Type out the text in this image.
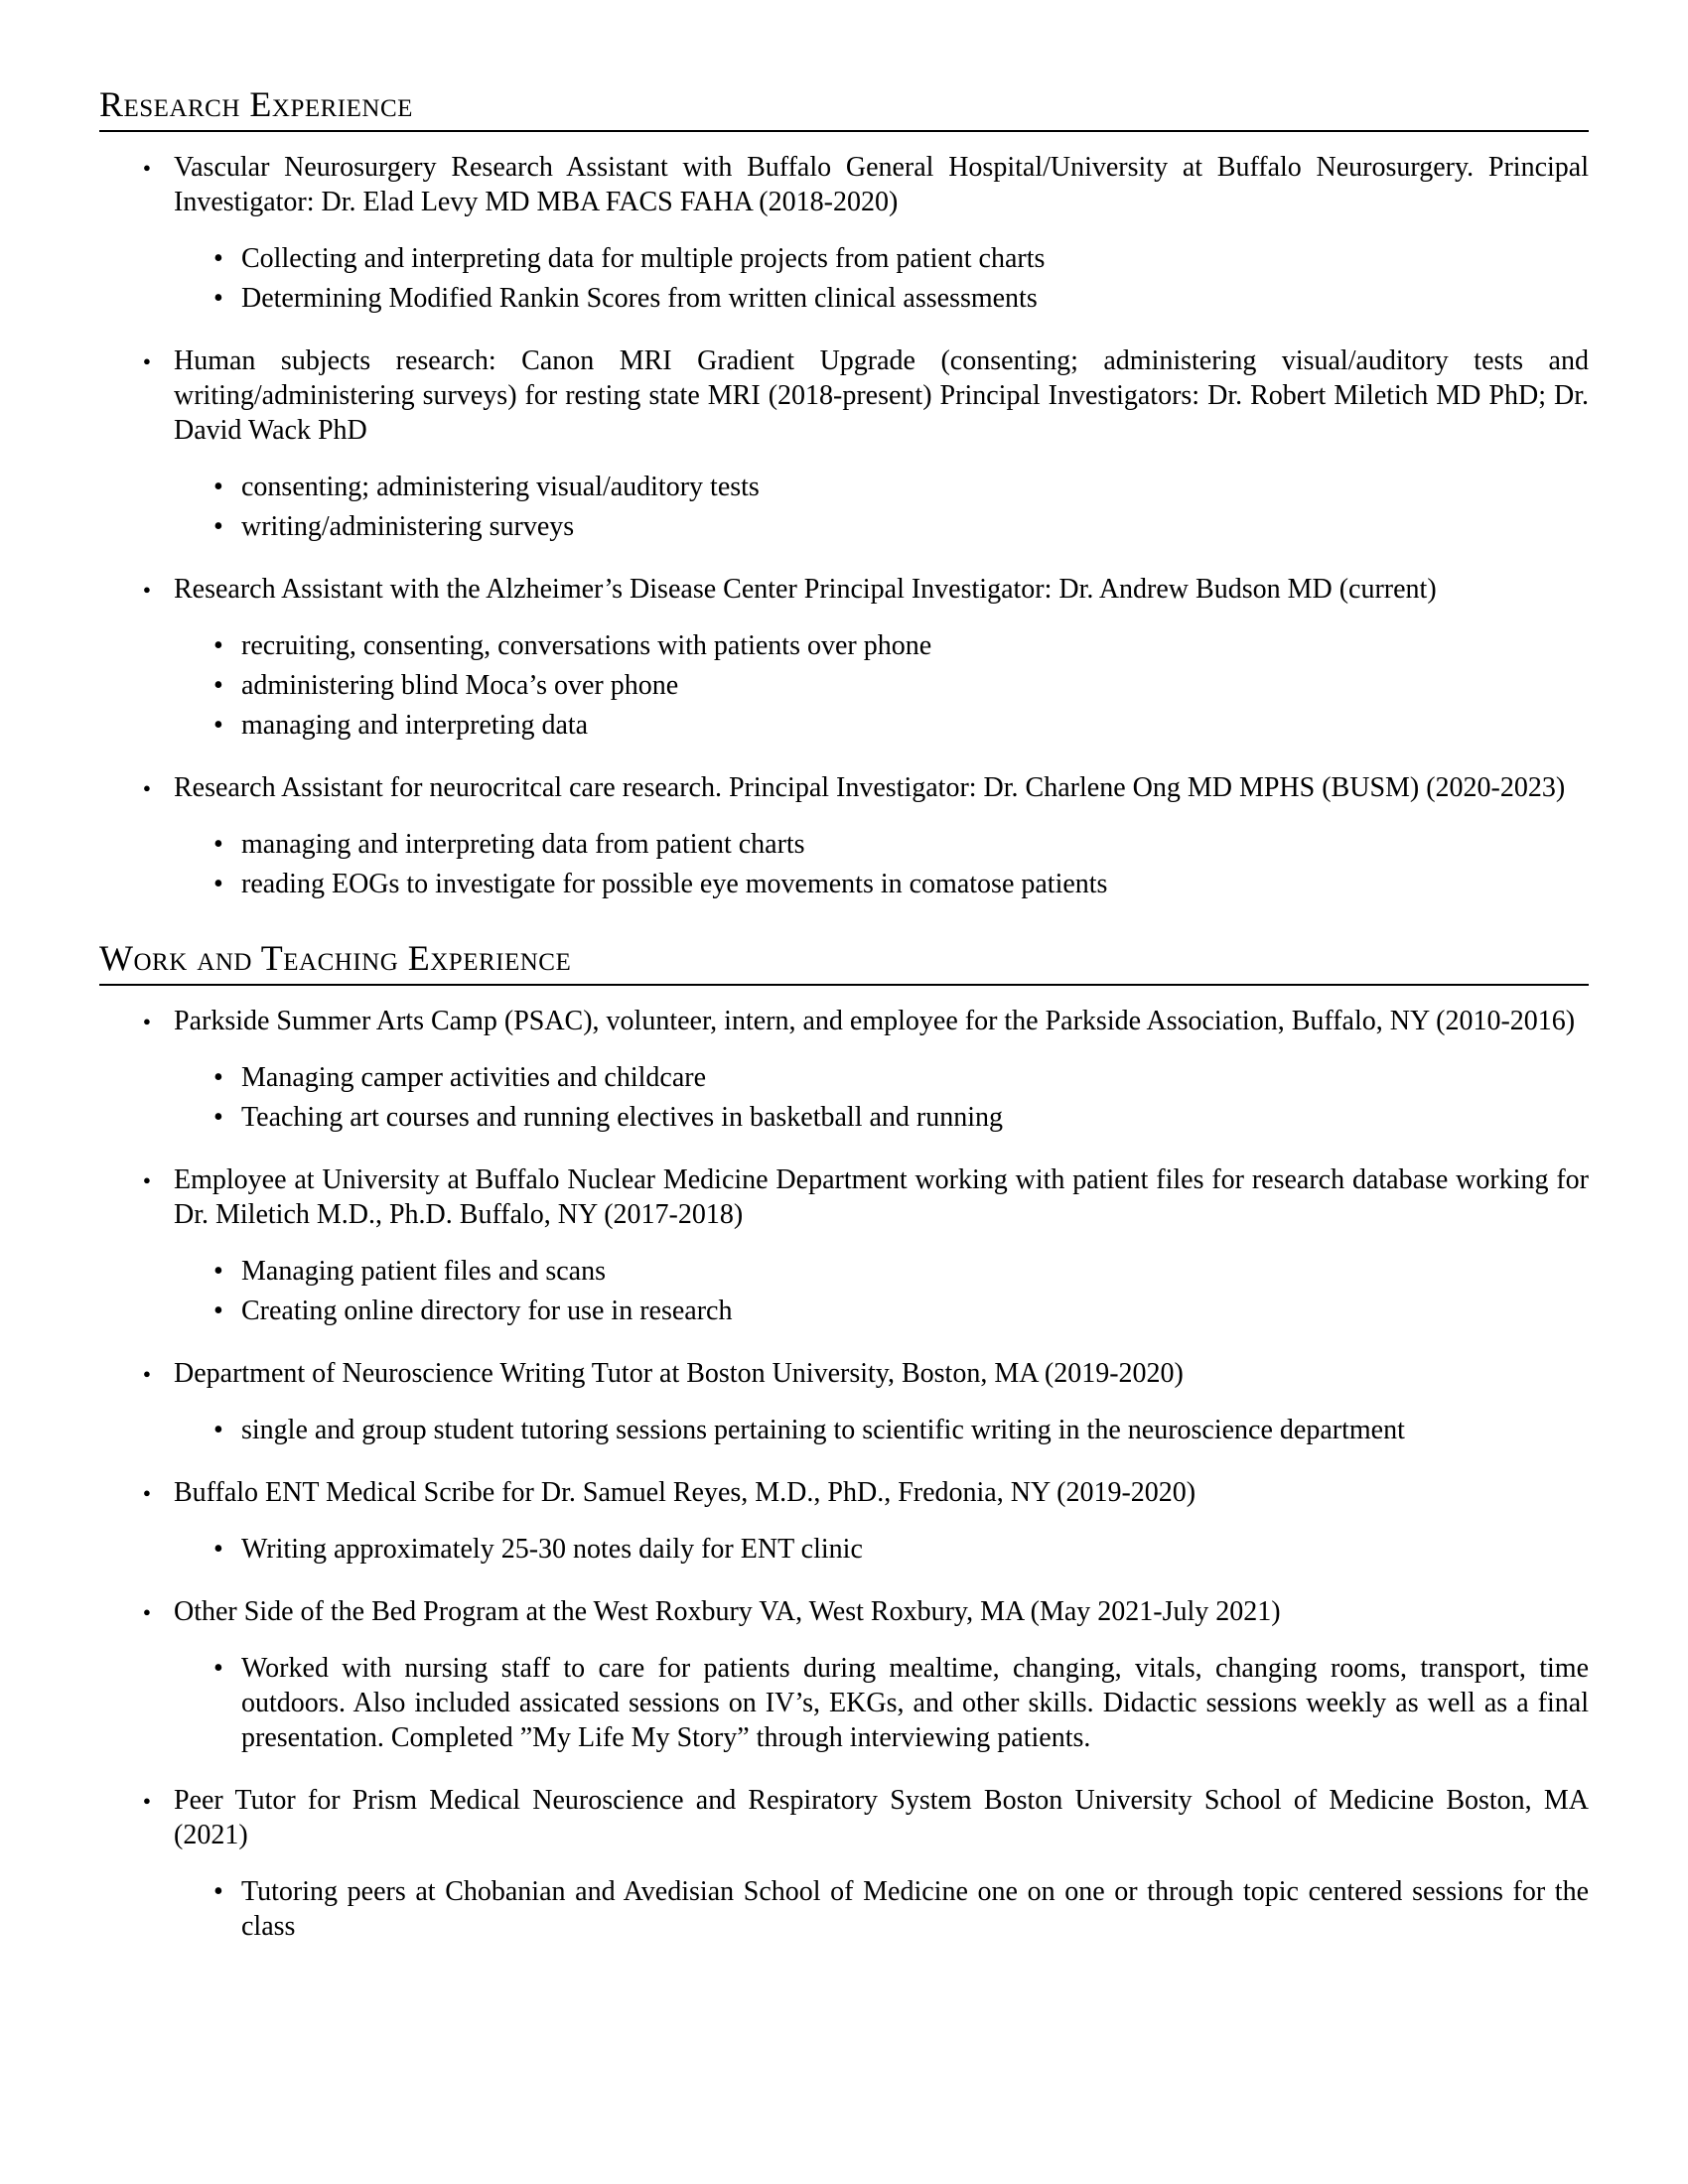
Research Experience
● Vascular Neurosurgery Research Assistant with Buffalo General Hospital/University at Buffalo Neurosurgery. Principal Investigator: Dr. Elad Levy MD MBA FACS FAHA (2018-2020)
• Collecting and interpreting data for multiple projects from patient charts
• Determining Modified Rankin Scores from written clinical assessments
● Human subjects research: Canon MRI Gradient Upgrade (consenting; administering visual/auditory tests and writing/administering surveys) for resting state MRI (2018-present) Principal Investigators: Dr. Robert Miletich MD PhD; Dr. David Wack PhD
• consenting; administering visual/auditory tests
• writing/administering surveys
● Research Assistant with the Alzheimer’s Disease Center Principal Investigator: Dr. Andrew Budson MD (current)
• recruiting, consenting, conversations with patients over phone
• administering blind Moca’s over phone
• managing and interpreting data
● Research Assistant for neurocritcal care research. Principal Investigator: Dr. Charlene Ong MD MPHS (BUSM) (2020-2023)
• managing and interpreting data from patient charts
• reading EOGs to investigate for possible eye movements in comatose patients
Work and Teaching Experience
● Parkside Summer Arts Camp (PSAC), volunteer, intern, and employee for the Parkside Association, Buffalo, NY (2010-2016)
• Managing camper activities and childcare
• Teaching art courses and running electives in basketball and running
● Employee at University at Buffalo Nuclear Medicine Department working with patient files for research database working for Dr. Miletich M.D., Ph.D. Buffalo, NY (2017-2018)
• Managing patient files and scans
• Creating online directory for use in research
● Department of Neuroscience Writing Tutor at Boston University, Boston, MA (2019-2020)
• single and group student tutoring sessions pertaining to scientific writing in the neuroscience department
● Buffalo ENT Medical Scribe for Dr. Samuel Reyes, M.D., PhD., Fredonia, NY (2019-2020)
• Writing approximately 25-30 notes daily for ENT clinic
● Other Side of the Bed Program at the West Roxbury VA, West Roxbury, MA (May 2021-July 2021)
• Worked with nursing staff to care for patients during mealtime, changing, vitals, changing rooms, transport, time outdoors. Also included assicated sessions on IV’s, EKGs, and other skills. Didactic sessions weekly as well as a final presentation. Completed ”My Life My Story” through interviewing patients.
● Peer Tutor for Prism Medical Neuroscience and Respiratory System Boston University School of Medicine Boston, MA (2021)
• Tutoring peers at Chobanian and Avedisian School of Medicine one on one or through topic centered sessions for the class
